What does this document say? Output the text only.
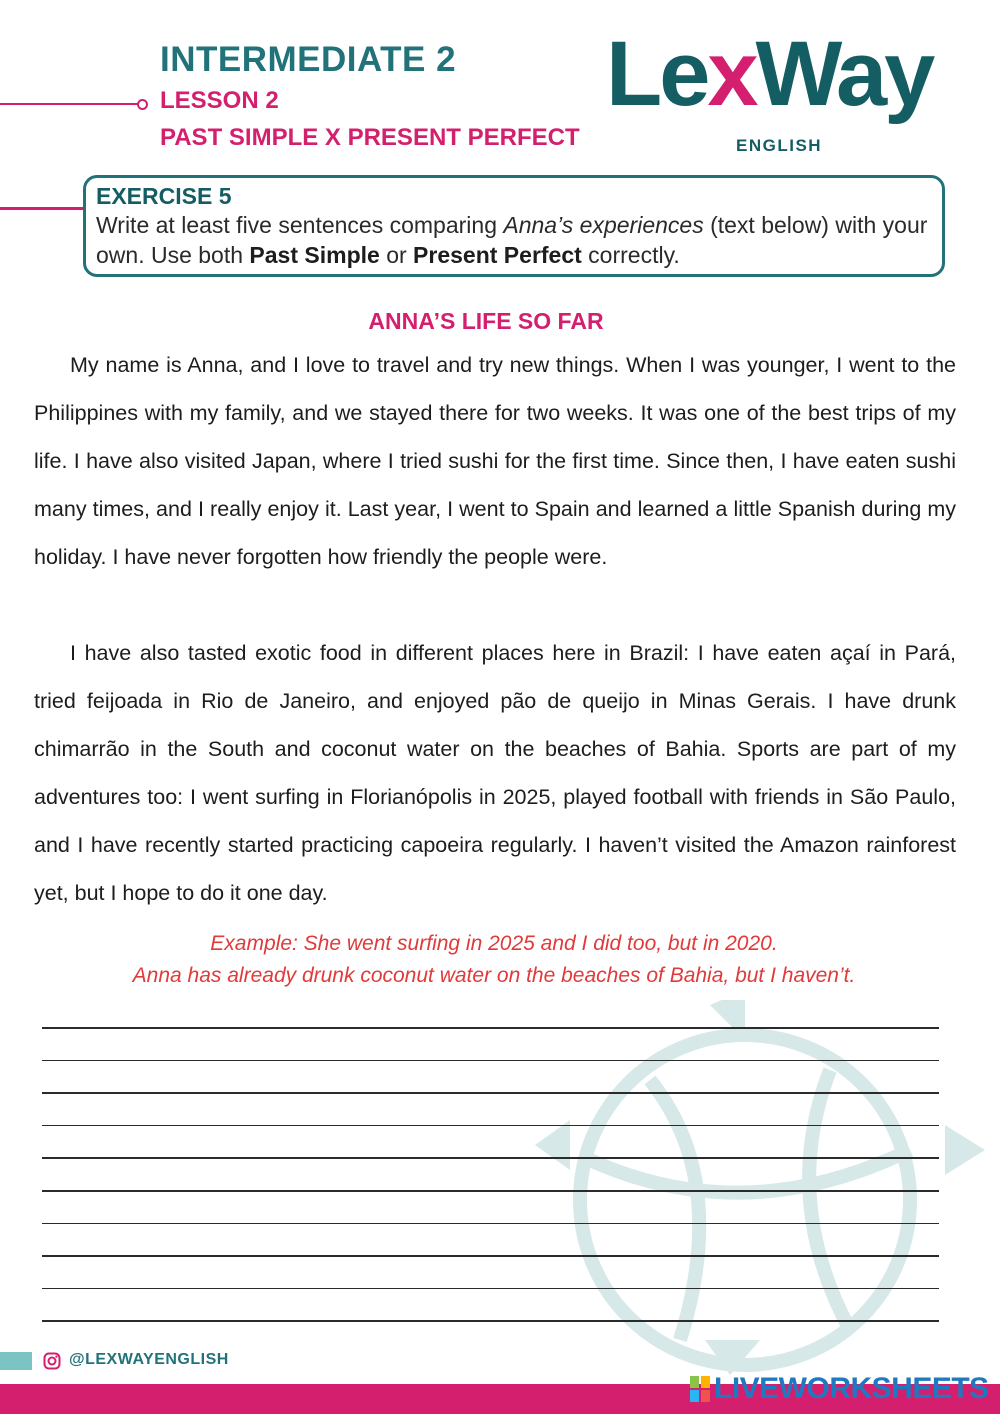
INTERMEDIATE 2
LESSON 2
PAST SIMPLE X PRESENT PERFECT
LexWay
ENGLISH
EXERCISE 5
Write at least five sentences comparing Anna’s experiences (text below) with your own. Use both Past Simple or Present Perfect correctly.
ANNA’S LIFE SO FAR

My name is Anna, and I love to travel and try new things. When I was younger, I went to the Philippines with my family, and we stayed there for two weeks. It was one of the best trips of my life. I have also visited Japan, where I tried sushi for the first time. Since then, I have eaten sushi many times, and I really enjoy it. Last year, I went to Spain and learned a little Spanish during my holiday. I have never forgotten how friendly the people were.

I have also tasted exotic food in different places here in Brazil: I have eaten açaí in Pará, tried feijoada in Rio de Janeiro, and enjoyed pão de queijo in Minas Gerais. I have drunk chimarrão in the South and coconut water on the beaches of Bahia. Sports are part of my adventures too: I went surfing in Florianópolis in 2025, played football with friends in São Paulo, and I have recently started practicing capoeira regularly. I haven’t visited the Amazon rainforest yet, but I hope to do it one day.

Example: She went surfing in 2025 and I did too, but in 2020.
Anna has already drunk coconut water on the beaches of Bahia, but I haven’t.
@LEXWAYENGLISH
LIVEWORKSHEETS
